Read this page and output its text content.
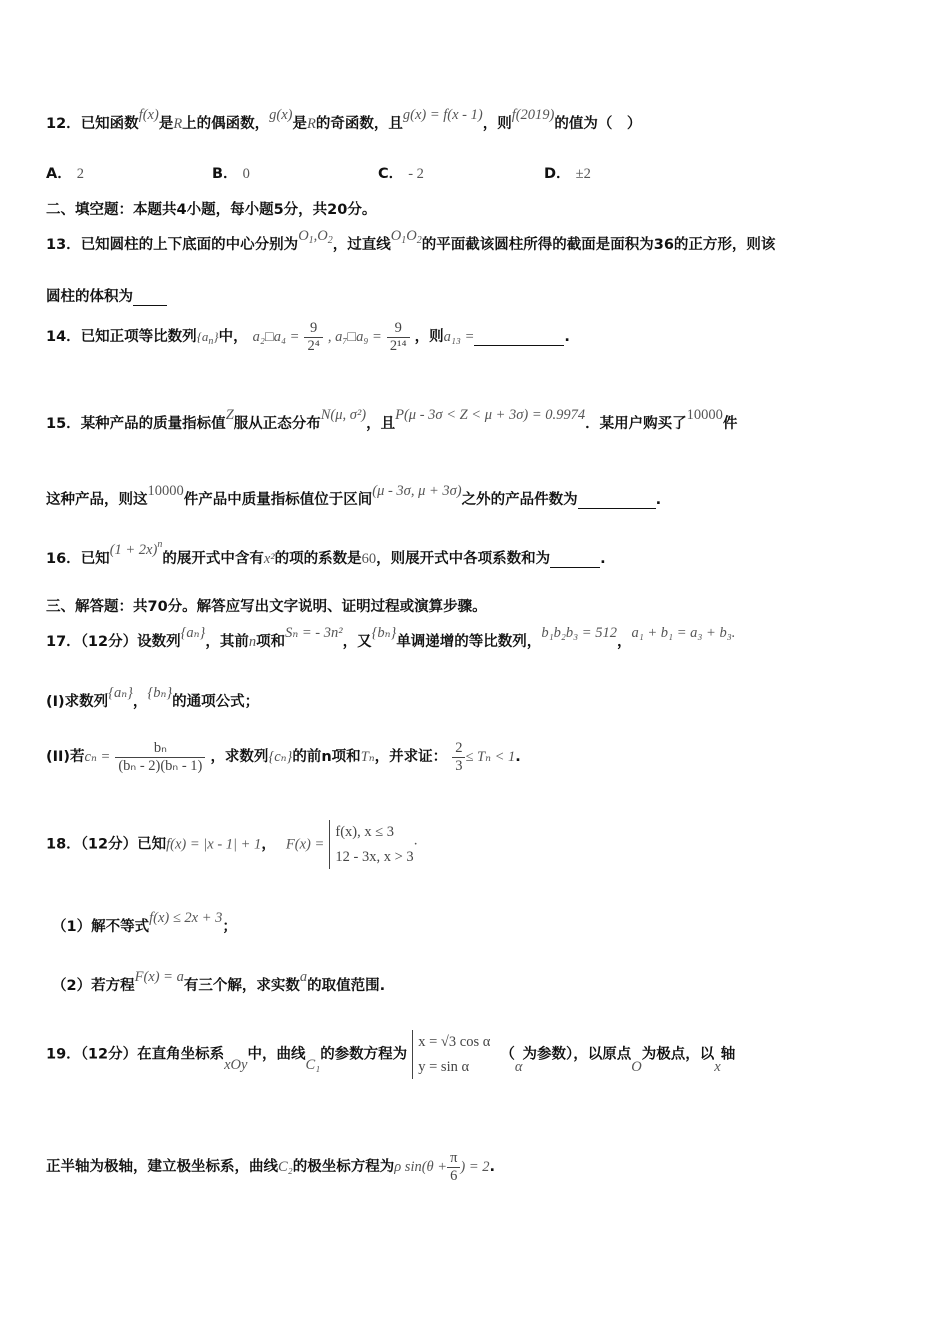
12．已知函数f(x)是R上的偶函数，g(x)是R的奇函数，且g(x) = f(x - 1)，则f(2019)的值为（　）
A． 2	B． 0	C． - 2	D． ±2
二、填空题：本题共4小题，每小题5分，共20分。
13．已知圆柱的上下底面的中心分别为$O_1,O_2$，过直线$O_1O_2$的平面截该圆柱所得的截面是面积为36的正方形，则该
圆柱的体积为
14．已知正项等比数列$\{a_n\}$中， a₂□a₄ = $\frac{9}{\text{2⁴}}$ , a₇□a₉ = $\frac{9}{\text{2¹⁴}}$ ，则a₁₃ =	.
15．某种产品的质量指标值Z服从正态分布N(μ, σ²)，且P(μ - 3σ < Z < μ + 3σ) = 0.9974．某用户购买了10000件
这种产品，则这10000件产品中质量指标值位于区间(μ - 3σ, μ + 3σ)之外的产品件数为	.
16．已知$(1 + 2x)^n$的展开式中含有x²的项的系数是60，则展开式中各项系数和为	.
三、解答题：共70分。解答应写出文字说明、证明过程或演算步骤。
17．（12分）设数列{aₙ}，其前n项和Sₙ = - 3n²，又{bₙ}单调递增的等比数列，b₁b₂b₃ = 512，a₁ + b₁ = a₃ + b₃.
(I)求数列{aₙ}，{bₙ}的通项公式；
(II)若$c_n = \frac{\text{bₙ}}{\text{(bₙ - 2)(bₙ - 1)}}$ ，求数列{cₙ}的前n项和Tₙ，并求证： $\frac{2}{3} \le T_n < 1$.
18．（12分）已知f(x) = |x - 1| + 1， F(x) =
f(x), x ≤ 3
12 - 3x, x > 3
·
（1）解不等式f(x) ≤ 2x + 3；
（2）若方程F(x) = a有三个解，求实数a的取值范围.
19．（12分）在直角坐标系xOy中，曲线C₁的参数方程为
x = √3 cos α
y = sin α
（α为参数），以原点O为极点，以x轴
正半轴为极轴，建立极坐标系，曲线C₂的极坐标方程为ρ $\sin(\theta + \frac{\pi}{6}$ ) = 2.
